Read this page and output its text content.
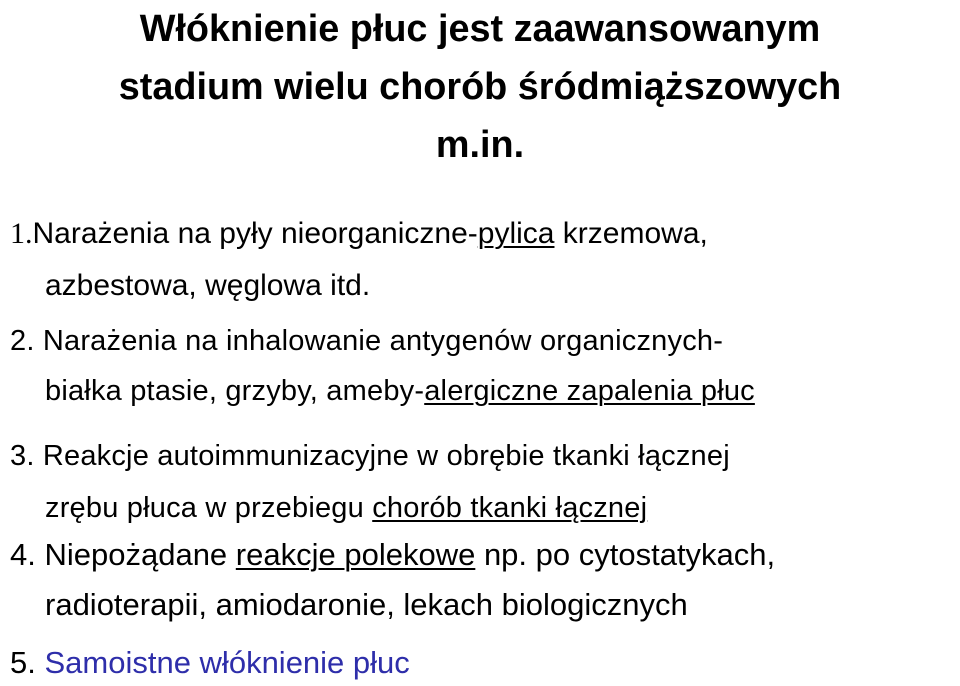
Włóknienie płuc jest zaawansowanym
stadium wielu chorób śródmiąższowych
m.in.
1.Narażenia na pyły nieorganiczne-pylica krzemowa,
azbestowa, węglowa itd.
2. Narażenia na inhalowanie antygenów organicznych-
białka ptasie, grzyby, ameby-alergiczne zapalenia płuc
3. Reakcje autoimmunizacyjne w obrębie tkanki łącznej
zrębu płuca w przebiegu chorób tkanki łącznej
4. Niepożądane reakcje polekowe np. po cytostatykach,
radioterapii, amiodaronie, lekach biologicznych
5. Samoistne włóknienie płuc
